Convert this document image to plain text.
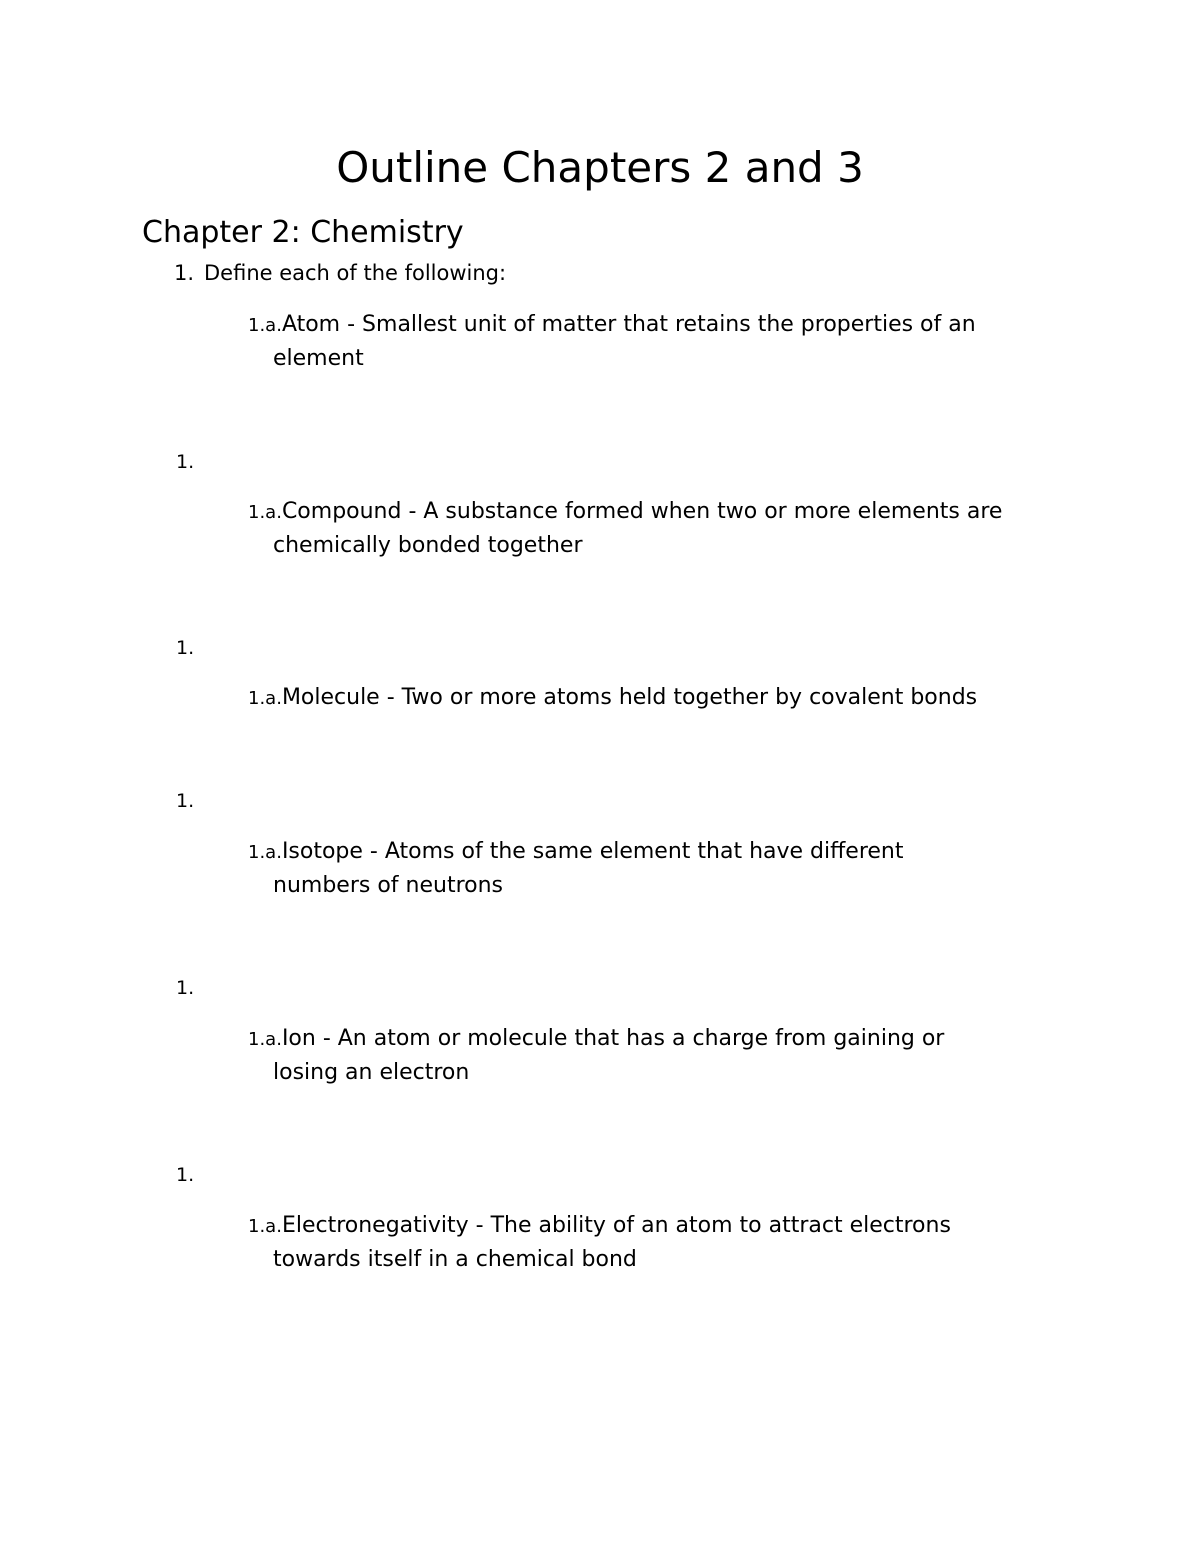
Outline Chapters 2 and 3
Chapter 2: Chemistry
1. Define each of the following:
1.a.Atom - Smallest unit of matter that retains the properties of an
element
1.
1.a.Compound - A substance formed when two or more elements are
chemically bonded together
1.
1.a.Molecule - Two or more atoms held together by covalent bonds
1.
1.a.Isotope - Atoms of the same element that have different
numbers of neutrons
1.
1.a.Ion - An atom or molecule that has a charge from gaining or
losing an electron
1.
1.a.Electronegativity - The ability of an atom to attract electrons
towards itself in a chemical bond
